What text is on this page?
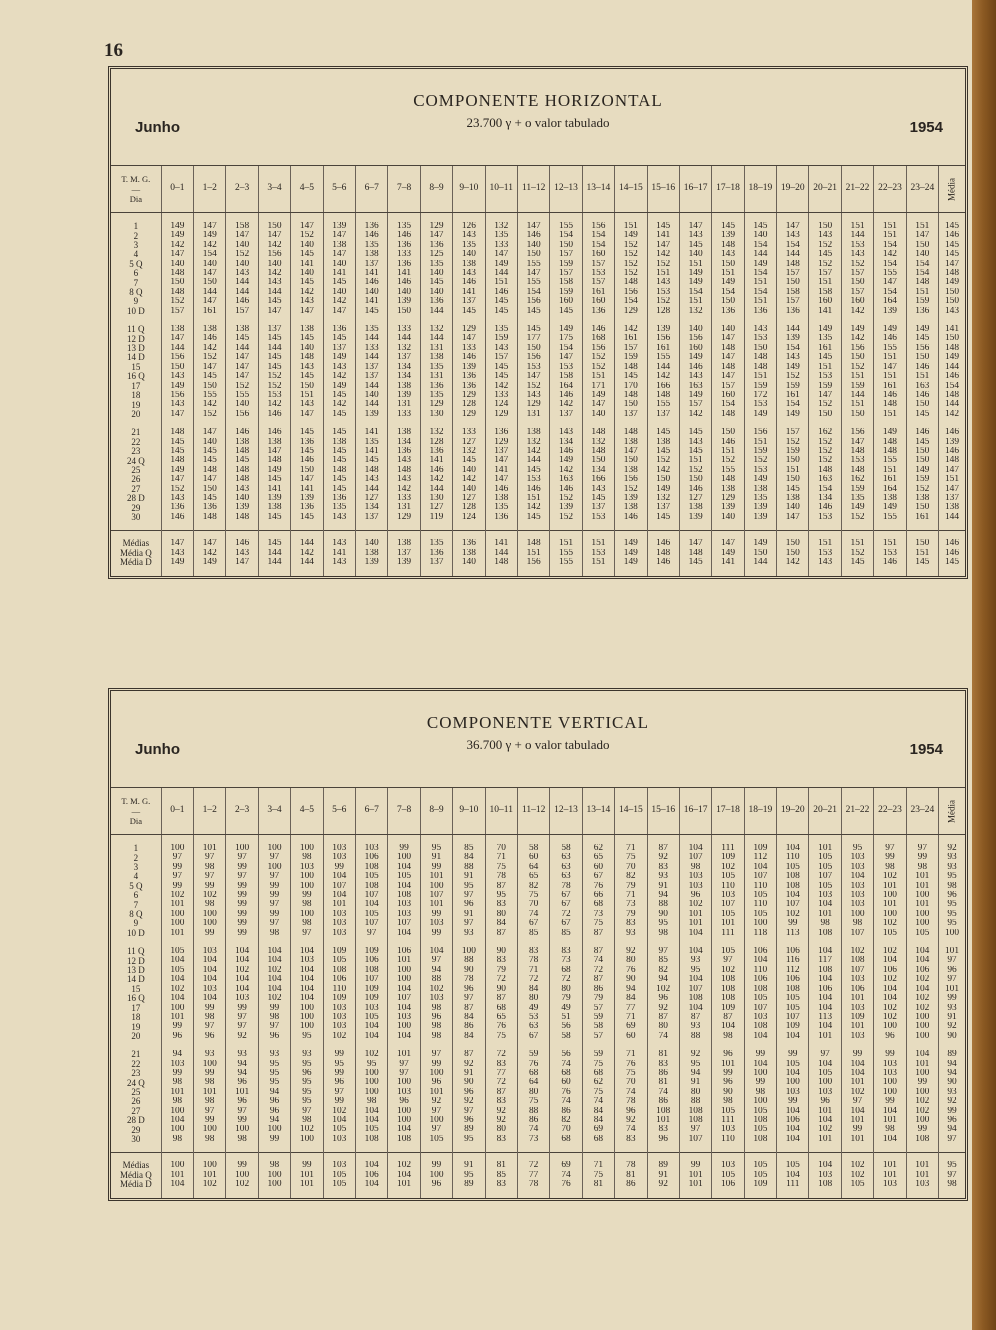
16
COMPONENTE HORIZONTAL
23.700 γ + o valor tabulado
Junho	1954
T. M. G.
—
Dia	0–1	1–2	2–3	3–4	4–5	5–6	6–7	7–8	8–9	9–10	10–11	11–12	12–13	13–14	14–15	15–16	16–17	17–18	18–19	19–20	20–21	21–22	22–23	23–24	Média

1	149	147	158	150	147	139	136	135	129	126	132	147	155	156	151	145	147	145	145	147	150	151	151	151	145
2	149	149	147	147	152	147	146	146	147	143	135	146	154	154	149	141	143	139	140	143	143	144	151	147	146
3	142	142	140	142	140	138	135	136	136	135	133	140	150	154	152	147	145	148	154	154	152	153	154	150	145
4	147	154	152	156	145	147	138	133	125	140	147	150	157	160	152	142	140	143	144	144	145	143	142	140	145
5 Q	140	140	140	140	141	140	137	136	135	138	149	155	159	157	152	152	151	150	149	148	152	152	154	154	147
6	148	147	143	142	140	141	141	141	140	143	144	147	157	153	152	151	149	151	154	157	157	157	155	154	148
7	150	150	144	143	145	145	146	146	145	146	151	155	158	157	148	143	149	149	151	150	151	150	147	148	149
8 Q	148	144	144	144	142	140	140	140	140	141	146	154	159	161	156	153	154	154	154	158	158	157	154	151	150
9	152	147	146	145	143	142	141	139	136	137	145	156	160	160	154	152	151	150	151	157	160	160	164	159	150
10 D	157	161	157	147	147	147	145	150	144	145	145	145	145	136	129	128	132	136	136	136	141	142	139	136	143

11 Q	138	138	138	137	138	136	135	133	132	129	135	145	149	146	142	139	140	140	143	144	149	149	149	149	141
12 D	147	146	145	145	145	145	144	144	144	147	159	177	175	168	161	156	156	147	153	139	135	142	146	145	150
13 D	144	142	144	144	140	137	133	132	131	133	143	150	154	156	157	161	160	148	150	154	161	156	155	156	148
14 D	156	152	147	145	148	149	144	137	138	146	157	156	147	152	159	155	149	147	148	143	145	150	151	150	149
15	150	147	147	145	143	143	137	134	135	139	145	153	153	152	148	144	146	148	148	149	151	152	147	146	144
16 Q	143	145	147	152	145	142	137	134	131	136	145	147	158	151	145	142	143	147	151	152	153	151	151	151	146
17	149	150	152	152	150	149	144	138	136	136	142	152	164	171	170	166	163	157	159	159	159	159	161	163	154
18	156	155	155	153	151	145	140	139	135	129	133	143	146	149	148	148	149	160	172	161	147	144	146	146	148
19	143	142	140	142	143	142	144	131	129	128	124	129	142	147	150	155	157	154	153	154	152	151	148	150	144
20	147	152	156	146	147	145	139	133	130	129	129	131	137	140	137	137	142	148	149	149	150	150	151	145	142

21	148	147	146	146	145	145	141	138	132	133	136	138	143	148	148	145	145	150	156	157	162	156	149	146	146
22	145	140	138	138	136	138	135	134	128	127	129	132	134	132	138	138	143	146	151	152	152	147	148	145	139
23	145	145	148	147	145	145	141	136	136	132	137	142	146	148	147	145	145	151	159	159	152	148	148	150	146
24 Q	148	145	145	148	146	145	145	143	141	145	147	144	149	150	150	152	151	152	152	150	152	153	155	150	148
25	149	148	148	149	150	148	148	148	146	140	141	145	142	134	138	142	152	155	153	151	148	148	151	149	147
26	147	147	148	145	147	145	143	143	142	142	147	153	163	166	156	150	150	148	149	150	163	162	161	159	151
27	152	150	143	141	141	145	144	142	144	140	146	146	146	143	152	149	146	138	138	145	154	159	164	152	147
28 D	143	145	140	139	139	136	127	133	130	127	138	151	152	145	139	132	127	129	135	138	134	135	138	138	137
29	136	136	139	138	136	135	134	131	127	128	135	142	139	137	138	137	138	139	139	140	146	149	149	150	138
30	146	148	148	145	145	143	137	129	119	124	136	145	152	153	146	145	139	140	139	147	153	152	155	161	144

Médias	147	147	146	145	144	143	140	138	135	136	141	148	151	151	149	146	147	147	149	150	151	151	151	150	146
Média Q	143	142	143	144	142	141	138	137	136	138	144	151	155	153	149	148	148	149	150	150	153	152	153	151	146
Média D	149	149	147	144	144	143	139	139	137	140	148	156	155	151	149	146	145	141	144	142	143	145	146	145	145

COMPONENTE VERTICAL
36.700 γ + o valor tabulado
Junho	1954
T. M. G.
—
Dia	0–1	1–2	2–3	3–4	4–5	5–6	6–7	7–8	8–9	9–10	10–11	11–12	12–13	13–14	14–15	15–16	16–17	17–18	18–19	19–20	20–21	21–22	22–23	23–24	Média

1	100	101	100	100	100	103	103	99	95	85	70	58	58	62	71	87	104	111	109	104	101	95	97	97	92
2	97	97	97	97	98	103	106	100	91	84	71	60	63	65	75	92	107	109	112	110	105	103	99	99	93
3	99	98	99	100	103	99	108	104	99	88	75	64	63	60	70	83	98	102	104	105	105	103	98	98	93
4	97	97	97	97	100	104	105	105	101	91	78	65	63	67	82	93	103	105	107	108	107	104	102	101	95
5 Q	99	99	99	99	100	107	108	104	100	95	87	82	78	76	79	91	103	110	110	108	105	103	101	101	98
6	102	102	99	99	99	104	107	108	107	97	95	75	67	66	71	94	96	103	105	104	103	103	100	100	96
7	101	98	99	97	98	101	104	103	101	96	83	70	67	68	73	88	102	107	110	107	104	103	101	101	95
8 Q	100	100	99	99	100	103	105	103	99	91	80	74	72	73	79	90	101	105	105	102	101	100	100	100	95
9	100	100	99	97	98	103	107	107	103	97	84	67	67	75	83	95	101	101	100	99	98	98	102	100	95
10 D	101	99	99	98	97	103	97	104	99	93	87	85	85	87	93	98	104	111	118	113	108	107	105	105	100

11 Q	105	103	104	104	104	109	109	106	104	100	90	83	83	87	92	97	104	105	106	106	104	102	102	104	101
12 D	104	104	104	104	103	105	106	101	97	88	83	78	73	74	80	85	93	97	104	116	117	108	104	104	97
13 D	105	104	102	102	104	108	108	100	94	90	79	71	68	72	76	82	95	102	110	112	108	107	106	106	96
14 D	104	104	104	104	104	106	107	100	88	78	72	72	72	87	90	94	104	108	106	106	104	103	102	102	97
15	102	103	104	104	104	110	109	104	102	96	90	84	80	86	94	102	107	108	108	108	106	106	104	104	101
16 Q	104	104	103	102	104	109	109	107	103	97	87	80	79	79	84	96	108	108	105	105	104	101	104	102	99
17	100	99	99	99	100	103	103	104	98	87	68	49	49	57	77	92	104	109	107	105	104	103	102	102	93
18	101	98	97	98	100	103	105	103	96	84	65	53	51	59	71	87	87	87	103	107	113	109	102	100	91
19	99	97	97	97	100	103	104	100	98	86	76	63	56	58	69	80	93	104	108	109	104	101	100	100	92
20	96	96	92	96	95	102	104	104	98	84	75	67	58	57	60	74	88	98	104	104	101	103	96	100	90

21	94	93	93	93	93	99	102	101	97	87	72	59	56	59	71	81	92	96	99	99	97	99	99	104	89
22	103	100	94	95	95	95	95	97	99	92	83	76	74	75	76	83	95	101	104	105	104	104	103	101	94
23	99	99	94	95	96	99	100	97	100	91	77	68	68	68	75	86	94	99	100	104	105	104	103	100	94
24 Q	98	98	96	95	95	96	100	100	96	90	72	64	60	62	70	81	91	96	99	100	100	101	100	99	90
25	101	101	101	94	95	97	100	103	101	96	87	80	76	75	74	74	80	90	98	103	103	102	100	100	93
26	98	98	96	96	95	99	98	96	92	92	83	75	74	74	78	86	88	98	100	99	96	97	99	102	92
27	100	97	97	96	97	102	104	100	97	97	92	88	86	84	96	108	108	105	105	104	101	104	104	102	99
28 D	104	99	99	94	98	104	104	100	100	96	92	86	82	84	92	101	108	111	108	106	104	101	101	100	96
29	100	100	100	100	102	105	105	104	97	89	80	74	70	69	74	83	97	103	105	104	102	99	98	99	94
30	98	98	98	99	100	103	108	108	105	95	83	73	68	68	83	96	107	110	108	104	101	101	104	108	97

Médias	100	100	99	98	99	103	104	102	99	91	81	72	69	71	78	89	99	103	105	105	104	102	101	101	95
Média Q	101	101	100	100	101	105	106	104	100	95	85	77	74	75	81	91	101	105	105	104	103	102	101	101	97
Média D	104	102	102	100	101	105	104	101	96	89	83	78	76	81	86	92	101	106	109	111	108	105	103	103	98
